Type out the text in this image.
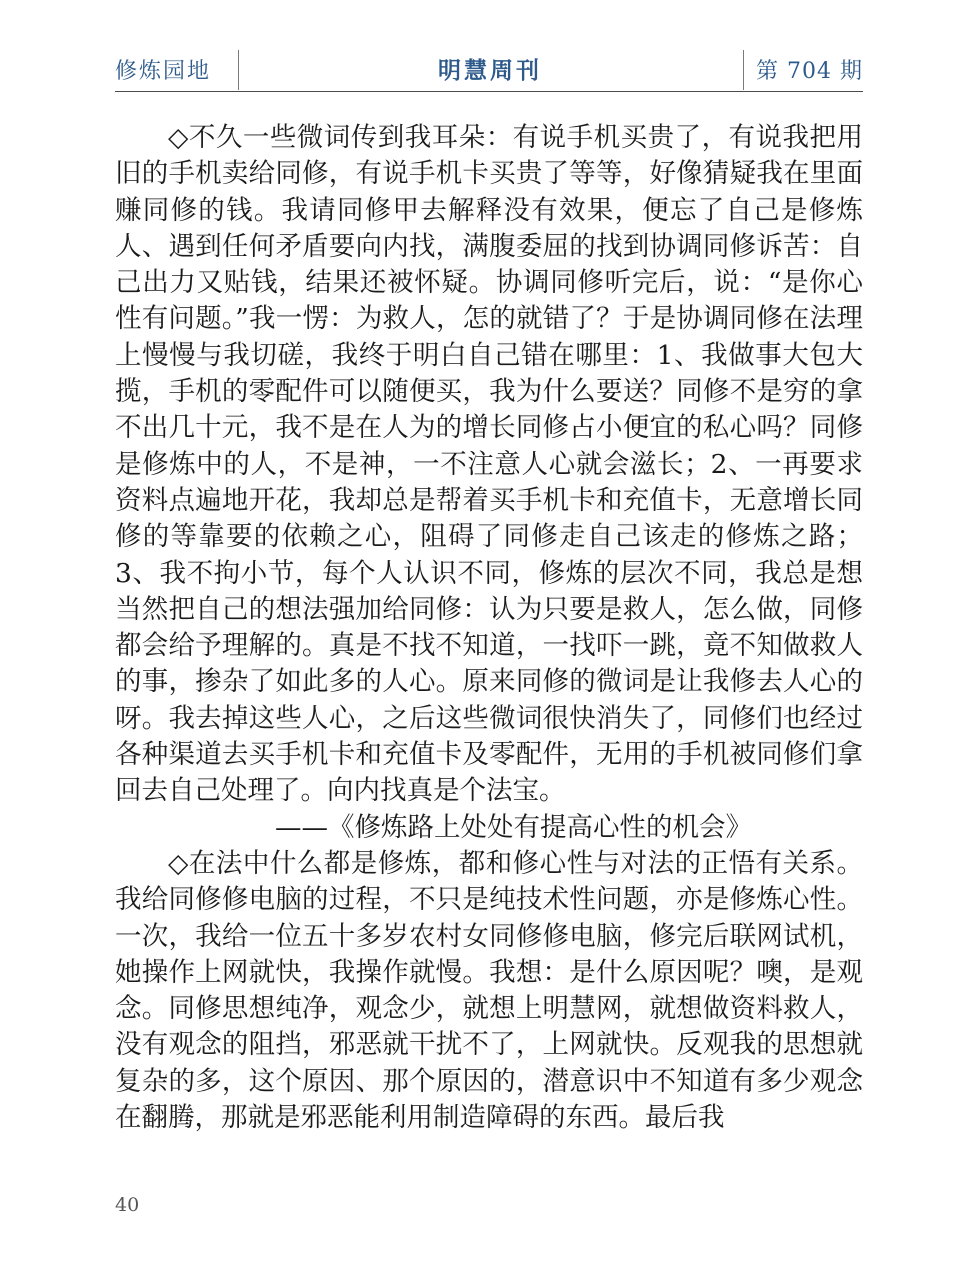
修炼园地	明慧周刊	第 704 期

◇不久一些微词传到我耳朵：有说手机买贵了，有说我把用旧的手机卖给同修，有说手机卡买贵了等等，好像猜疑我在里面赚同修的钱。我请同修甲去解释没有效果，便忘了自己是修炼人、遇到任何矛盾要向内找，满腹委屈的找到协调同修诉苦：自己出力又贴钱，结果还被怀疑。协调同修听完后，说：“是你心性有问题。”我一愣：为救人，怎的就错了？于是协调同修在法理上慢慢与我切磋，我终于明白自己错在哪里：1、我做事大包大揽，手机的零配件可以随便买，我为什么要送？同修不是穷的拿不出几十元，我不是在人为的增长同修占小便宜的私心吗？同修是修炼中的人，不是神，一不注意人心就会滋长；2、一再要求资料点遍地开花，我却总是帮着买手机卡和充值卡，无意增长同修的等靠要的依赖之心，阻碍了同修走自己该走的修炼之路；3、我不拘小节，每个人认识不同，修炼的层次不同，我总是想当然把自己的想法强加给同修：认为只要是救人，怎么做，同修都会给予理解的。真是不找不知道，一找吓一跳，竟不知做救人的事，掺杂了如此多的人心。原来同修的微词是让我修去人心的呀。我去掉这些人心，之后这些微词很快消失了，同修们也经过各种渠道去买手机卡和充值卡及零配件，无用的手机被同修们拿回去自己处理了。向内找真是个法宝。

——《修炼路上处处有提高心性的机会》

◇在法中什么都是修炼，都和修心性与对法的正悟有关系。我给同修修电脑的过程，不只是纯技术性问题，亦是修炼心性。一次，我给一位五十多岁农村女同修修电脑，修完后联网试机，她操作上网就快，我操作就慢。我想：是什么原因呢？噢，是观念。同修思想纯净，观念少，就想上明慧网，就想做资料救人，没有观念的阻挡，邪恶就干扰不了，上网就快。反观我的思想就复杂的多，这个原因、那个原因的，潜意识中不知道有多少观念在翻腾，那就是邪恶能利用制造障碍的东西。最后我

40
